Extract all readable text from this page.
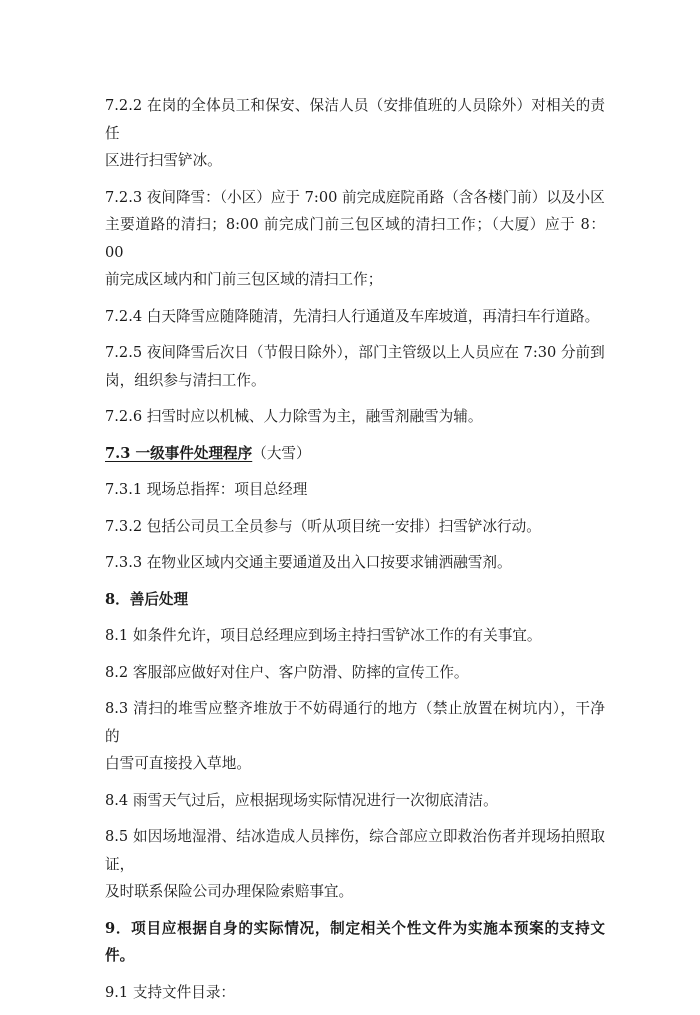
7.2.2 在岗的全体员工和保安、保洁人员（安排值班的人员除外）对相关的责任
区进行扫雪铲冰。

7.2.3 夜间降雪：（小区）应于 7:00 前完成庭院甬路（含各楼门前）以及小区
主要道路的清扫；8:00 前完成门前三包区域的清扫工作；（大厦）应于 8：00
前完成区域内和门前三包区域的清扫工作；

7.2.4 白天降雪应随降随清，先清扫人行通道及车库坡道，再清扫车行道路。

7.2.5 夜间降雪后次日（节假日除外），部门主管级以上人员应在 7:30 分前到
岗，组织参与清扫工作。

7.2.6 扫雪时应以机械、人力除雪为主，融雪剂融雪为辅。

7.3 一级事件处理程序（大雪）

7.3.1 现场总指挥：项目总经理

7.3.2 包括公司员工全员参与（听从项目统一安排）扫雪铲冰行动。

7.3.3 在物业区域内交通主要通道及出入口按要求铺洒融雪剂。

8．善后处理

8.1 如条件允许，项目总经理应到场主持扫雪铲冰工作的有关事宜。

8.2 客服部应做好对住户、客户防滑、防摔的宣传工作。

8.3 清扫的堆雪应整齐堆放于不妨碍通行的地方（禁止放置在树坑内），干净的
白雪可直接投入草地。

8.4 雨雪天气过后，应根据现场实际情况进行一次彻底清洁。

8.5 如因场地湿滑、结冰造成人员摔伤，综合部应立即救治伤者并现场拍照取证，
及时联系保险公司办理保险索赔事宜。

9．项目应根据自身的实际情况，制定相关个性文件为实施本预案的支持文件。

9.1 支持文件目录：
